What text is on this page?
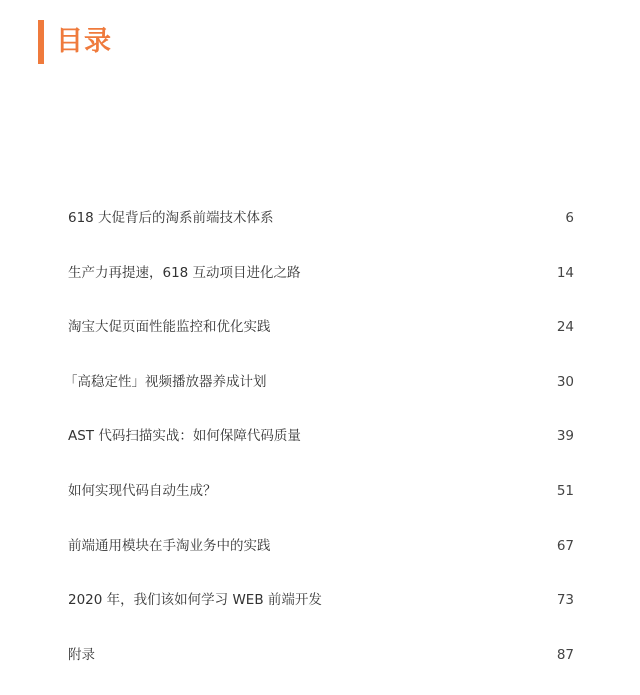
目录
618 大促背后的淘系前端技术体系	6
生产力再提速，618 互动项目进化之路	14
淘宝大促页面性能监控和优化实践	24
「高稳定性」视频播放器养成计划	30
AST 代码扫描实战：如何保障代码质量	39
如何实现代码自动生成？	51
前端通用模块在手淘业务中的实践	67
2020 年，我们该如何学习 WEB 前端开发	73
附录	87
